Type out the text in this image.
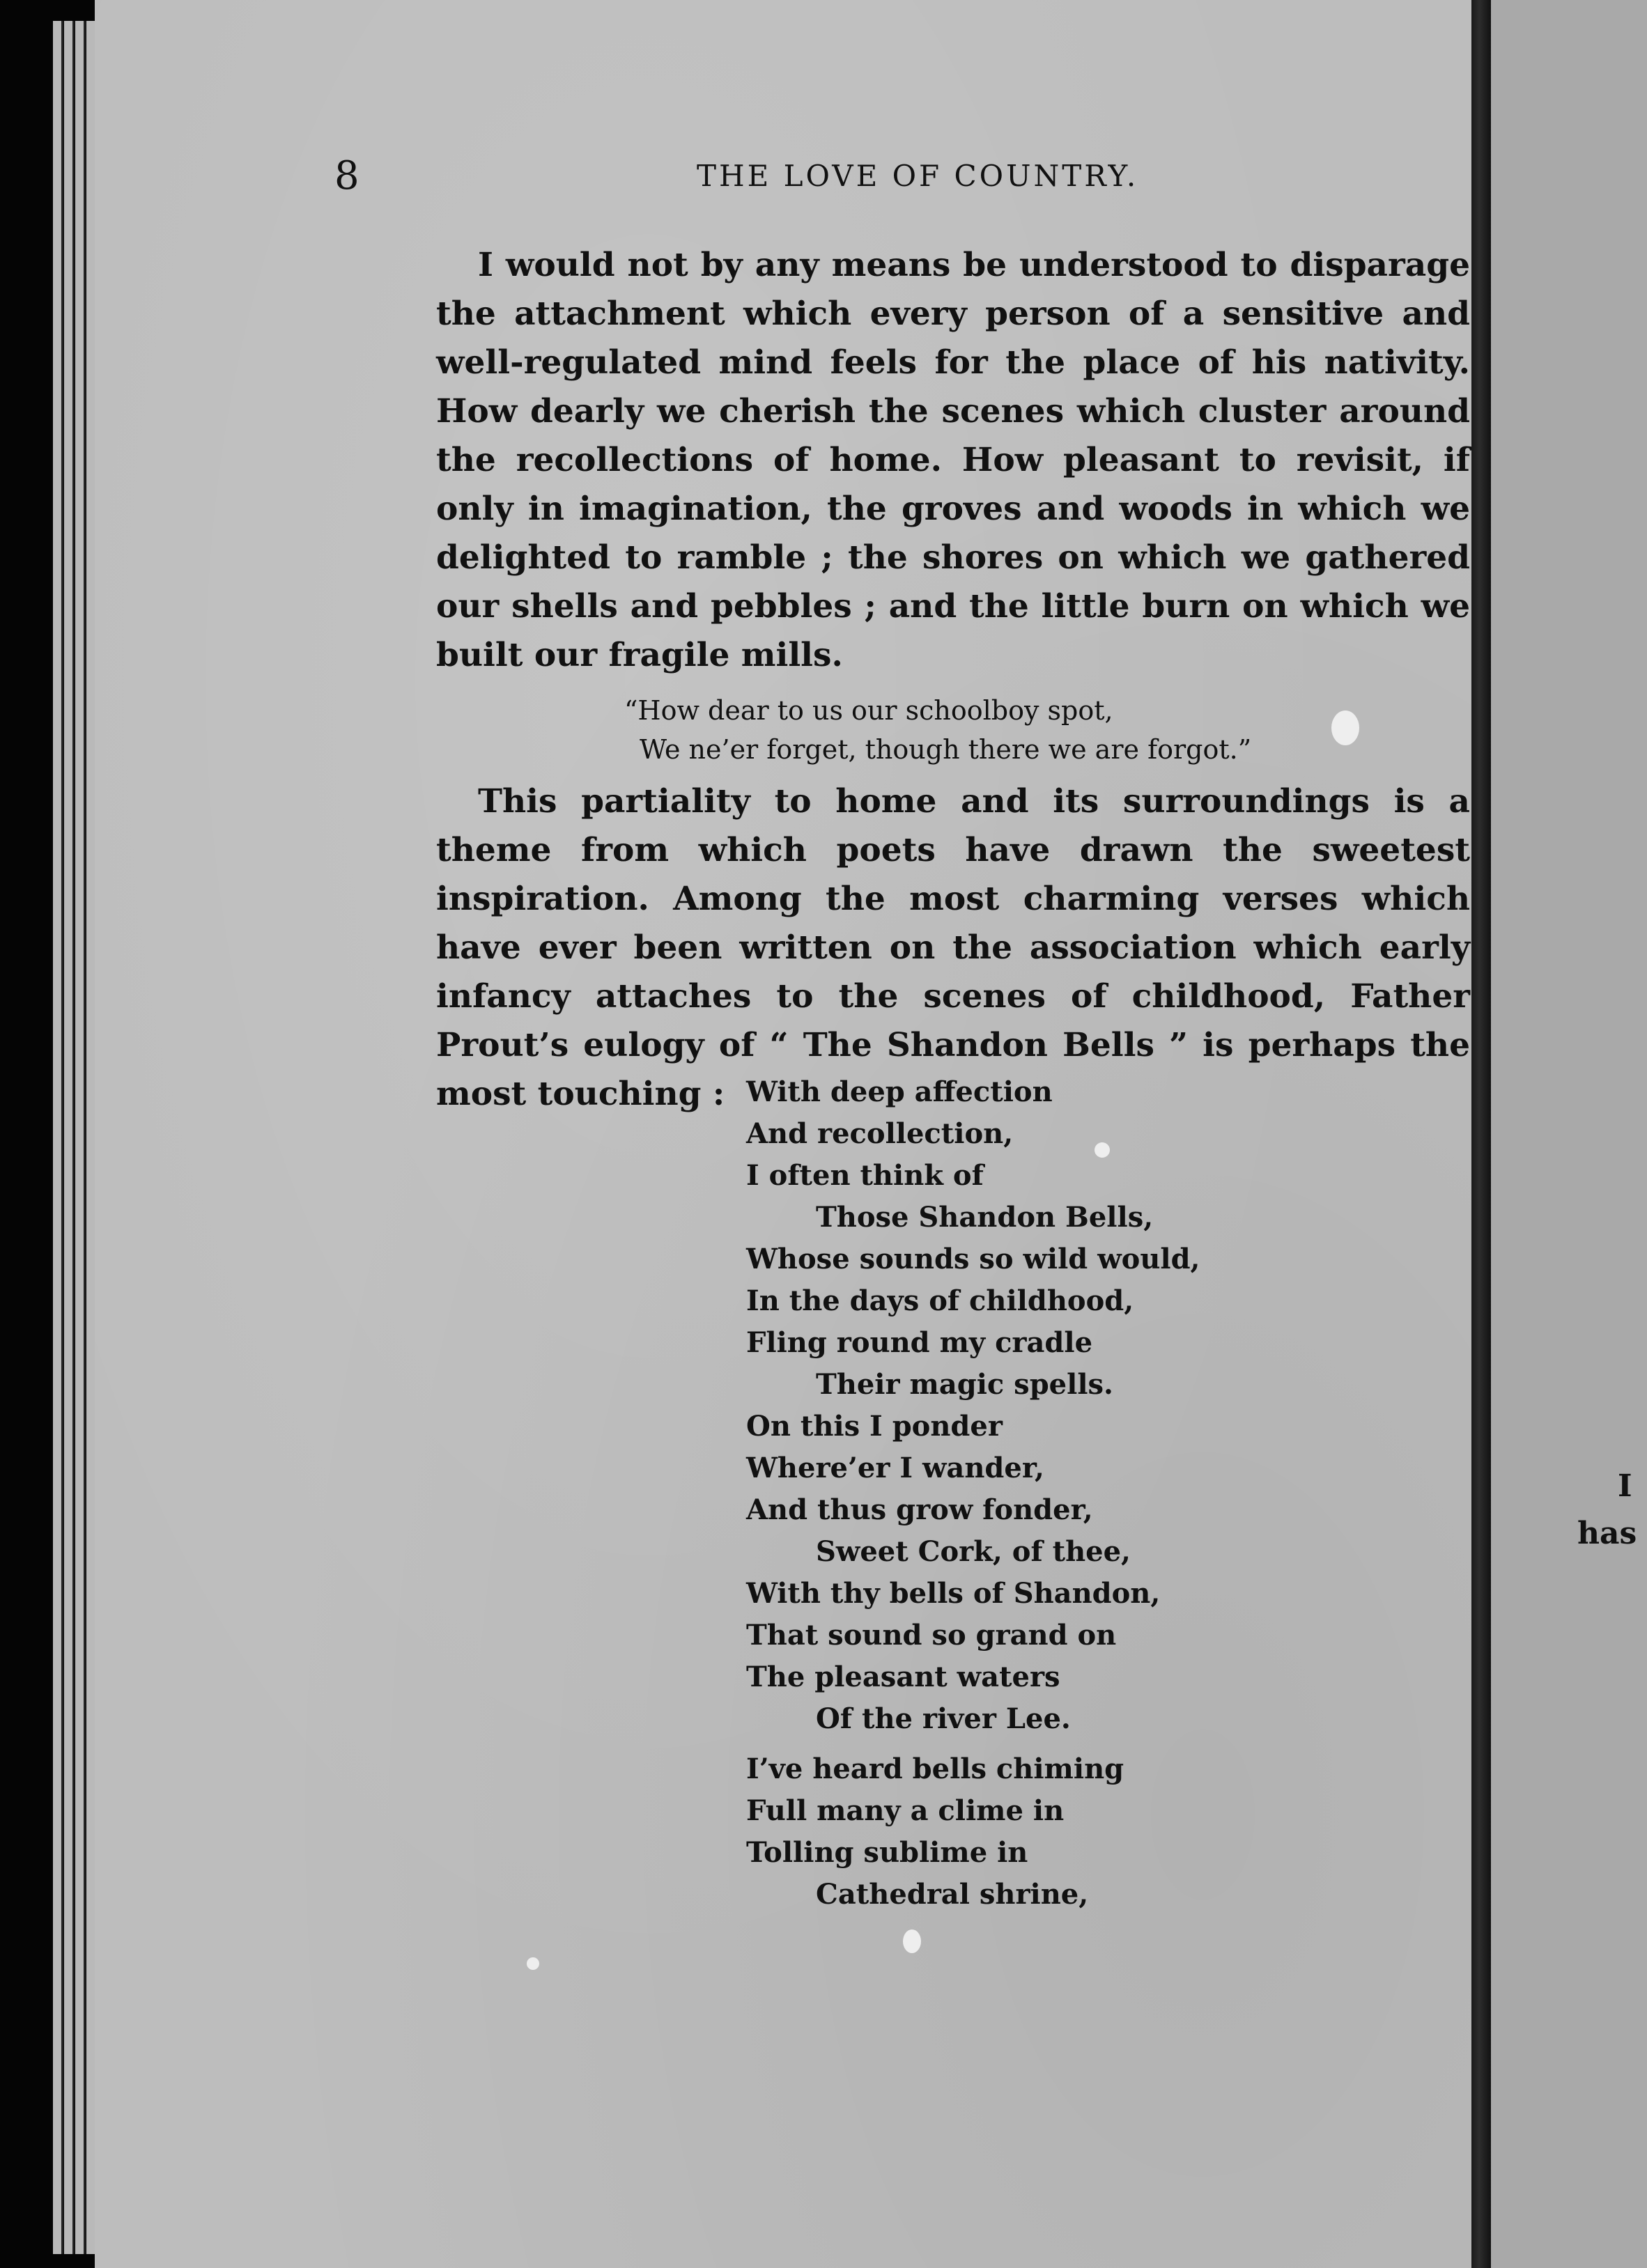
8	THE LOVE OF COUNTRY.
I would not by any means be understood to disparage the attachment which every person of a sensitive and well-regulated mind feels for the place of his nativity. How dearly we cherish the scenes which cluster around the recollections of home. How pleasant to revisit, if only in imagination, the groves and woods in which we delighted to ramble ; the shores on which we gathered our shells and pebbles ; and the little burn on which we built our fragile mills.
“How dear to us our schoolboy spot,
We ne’er forget, though there we are forgot.”
This partiality to home and its surroundings is a theme from which poets have drawn the sweetest inspiration. Among the most charming verses which have ever been written on the association which early infancy attaches to the scenes of childhood, Father Prout’s eulogy of “ The Shandon Bells ” is perhaps the most touching : With deep affection
And recollection,
I often think of
Those Shandon Bells,
Whose sounds so wild would,
In the days of childhood,
Fling round my cradle
Their magic spells.
On this I ponder
Where’er I wander,
And thus grow fonder,
Sweet Cork, of thee,
With thy bells of Shandon,
That sound so grand on
The pleasant waters
Of the river Lee.
I’ve heard bells chiming
Full many a clime in
Tolling sublime in
Cathedral shrine,
I
has
